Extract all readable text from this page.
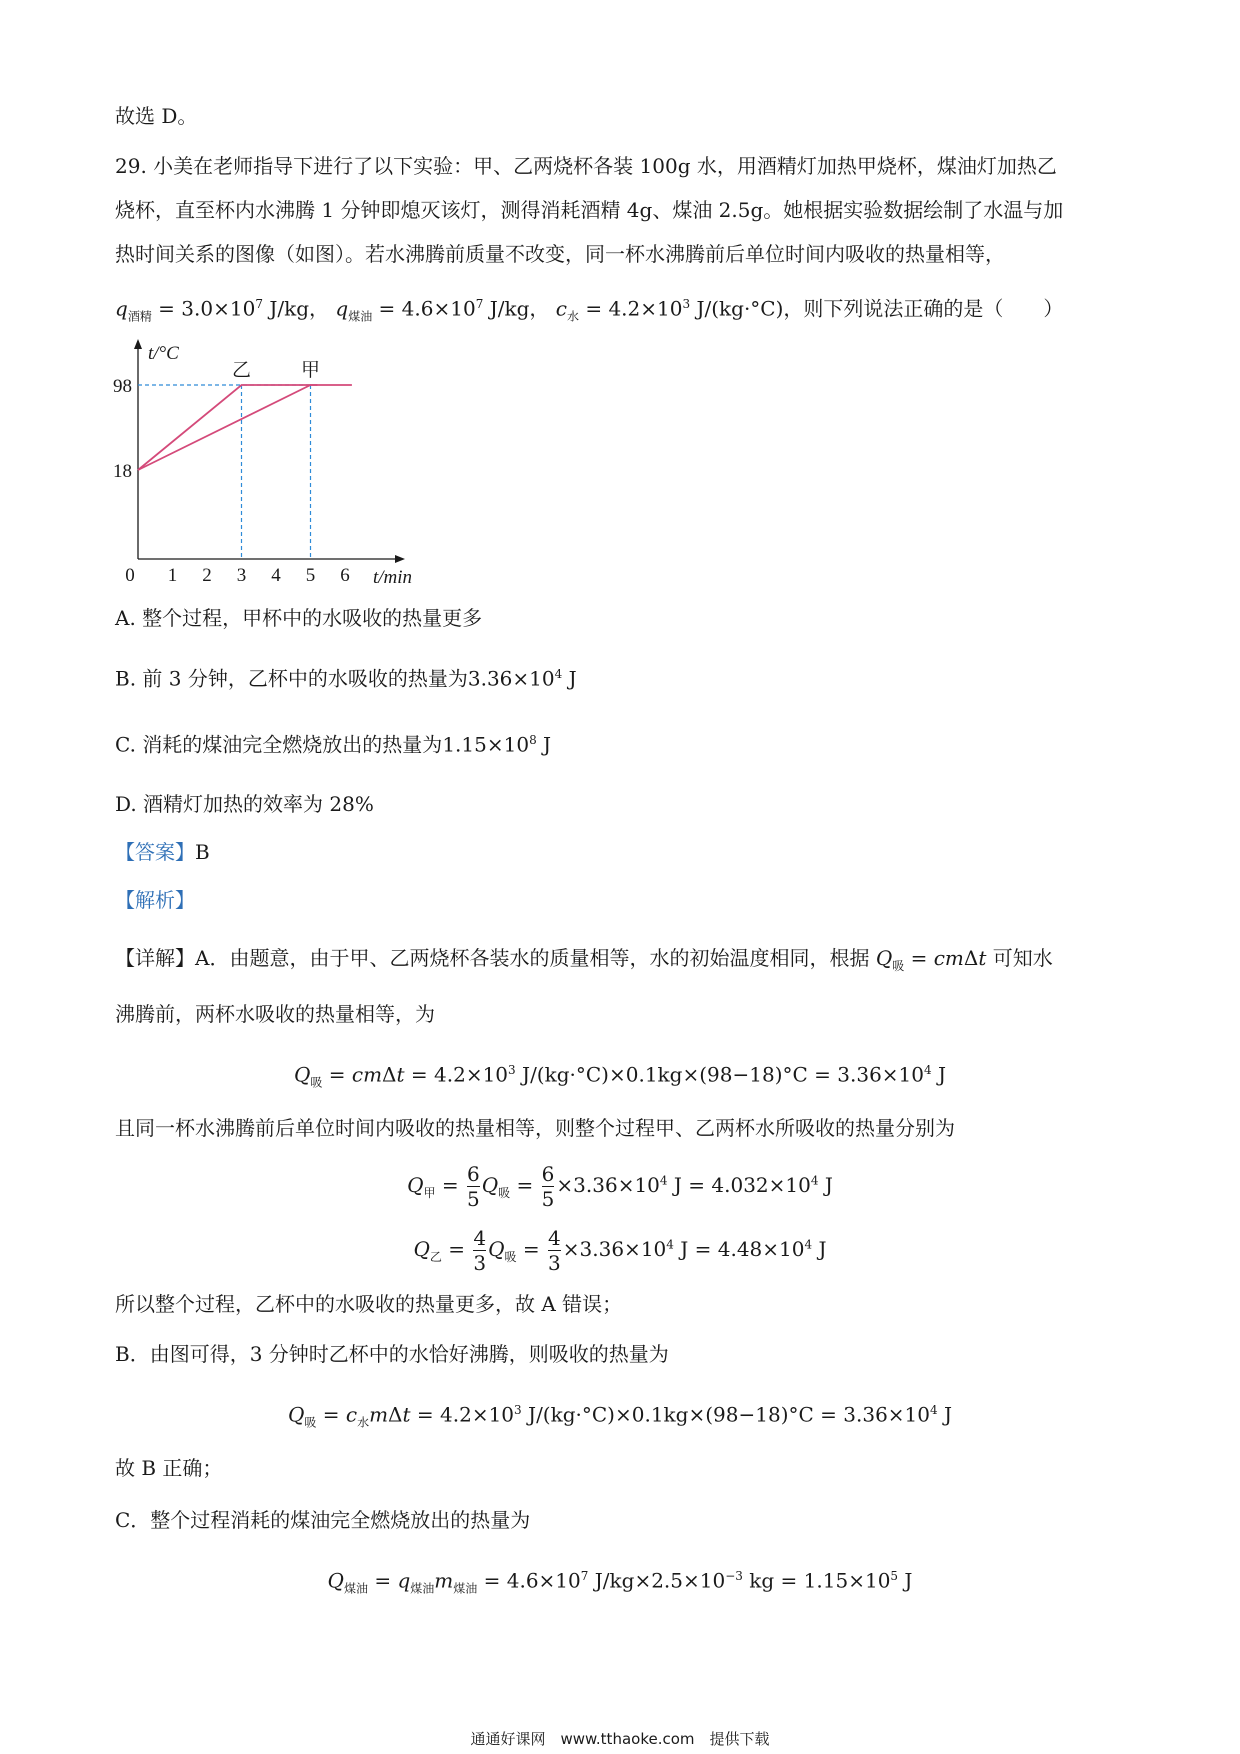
故选 D。
29. 小美在老师指导下进行了以下实验：甲、乙两烧杯各装 100g 水，用酒精灯加热甲烧杯，煤油灯加热乙
烧杯，直至杯内水沸腾 1 分钟即熄灭该灯，测得消耗酒精 4g、煤油 2.5g。她根据实验数据绘制了水温与加
热时间关系的图像（如图）。若水沸腾前质量不改变，同一杯水沸腾前后单位时间内吸收的热量相等，
$q_{酒精} = 3.0\times 10^7$ J/kg， $q_{煤油} = 4.6\times 10^7$ J/kg， $c_水 = 4.2\times 10^3$ J/(kg·°C)，则下列说法正确的是（　　）
乙	甲
0 1 2 3 4 5 6
18
98
t/min
t/°C
A. 整个过程，甲杯中的水吸收的热量更多
B. 前 3 分钟，乙杯中的水吸收的热量为$3.36\times 10^4$ J
C. 消耗的煤油完全燃烧放出的热量为$1.15\times 10^8$ J
D. 酒精灯加热的效率为 28%
【答案】B
【解析】
【详解】A．由题意，由于甲、乙两烧杯各装水的质量相等，水的初始温度相同，根据 $Q_吸 = cm\Delta t$ 可知水
沸腾前，两杯水吸收的热量相等，为
$Q_吸 = cm\Delta t = 4.2\times 10^3$ $J/(kg\cdot^\circ C)\times 0.1kg\times(98-18)^\circ C = 3.36\times 10^4$ J
且同一杯水沸腾前后单位时间内吸收的热量相等，则整个过程甲、乙两杯水所吸收的热量分别为
$Q_甲 = \frac{6}{5} Q_吸 = \frac{6}{5} \times 3.36\times 10^4$ $J = 4.032\times 10^4$ J
$Q_乙 = \frac{4}{3} Q_吸 = \frac{4}{3} \times 3.36\times 10^4$ $J = 4.48\times 10^4$ J
所以整个过程，乙杯中的水吸收的热量更多，故 A 错误；
B．由图可得，3 分钟时乙杯中的水恰好沸腾，则吸收的热量为
$Q_吸 = c_水m\Delta t = 4.2\times 10^3$ $J/(kg\cdot^\circ C)\times 0.1kg\times(98-18)^\circ C = 3.36\times 10^4$ J
故 B 正确；
C．整个过程消耗的煤油完全燃烧放出的热量为
$Q_{煤油} = q_{煤油}m_{煤油} = 4.6\times 10^7$ $J/kg\times 2.5\times 10^{-3}$ kg = $1.15\times 10^5$ J
通通好课网　www.tthaoke.com　提供下载
